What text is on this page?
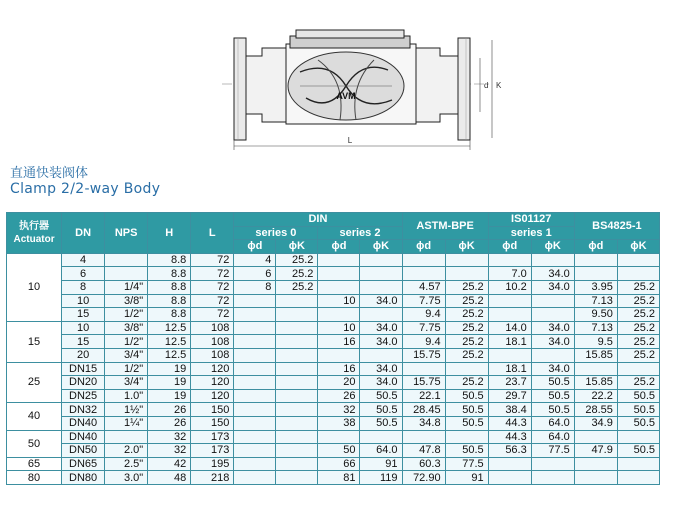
AVM
d K
L
直通快装阀体
Clamp 2/2-way Body
执行器
Actuator	DN	NPS	H	L	DIN				ASTM-BPE		IS01127		BS4825-1	
					series 0		series 2				series 1			
					ϕd	ϕK	ϕd	ϕK	ϕd	ϕK	ϕd	ϕK	ϕd	ϕK
10	4		8.8	72	4	25.2								
	6		8.8	72	6	25.2					7.0	34.0		
	8	1/4"	8.8	72	8	25.2			4.57	25.2	10.2	34.0	3.95	25.2
	10	3/8"	8.8	72			10	34.0	7.75	25.2			7.13	25.2
	15	1/2"	8.8	72					9.4	25.2			9.50	25.2
15	10	3/8"	12.5	108			10	34.0	7.75	25.2	14.0	34.0	7.13	25.2
	15	1/2"	12.5	108			16	34.0	9.4	25.2	18.1	34.0	9.5	25.2
	20	3/4"	12.5	108					15.75	25.2			15.85	25.2
25	DN15	1/2"	19	120			16	34.0			18.1	34.0		
	DN20	3/4"	19	120			20	34.0	15.75	25.2	23.7	50.5	15.85	25.2
	DN25	1.0"	19	120			26	50.5	22.1	50.5	29.7	50.5	22.2	50.5
40	DN32	1½"	26	150			32	50.5	28.45	50.5	38.4	50.5	28.55	50.5
	DN40	1¼"	26	150			38	50.5	34.8	50.5	44.3	64.0	34.9	50.5
50	DN40		32	173							44.3	64.0		
	DN50	2.0"	32	173			50	64.0	47.8	50.5	56.3	77.5	47.9	50.5
65	DN65	2.5"	42	195			66	91	60.3	77.5				
80	DN80	3.0"	48	218			81	119	72.90	91				
